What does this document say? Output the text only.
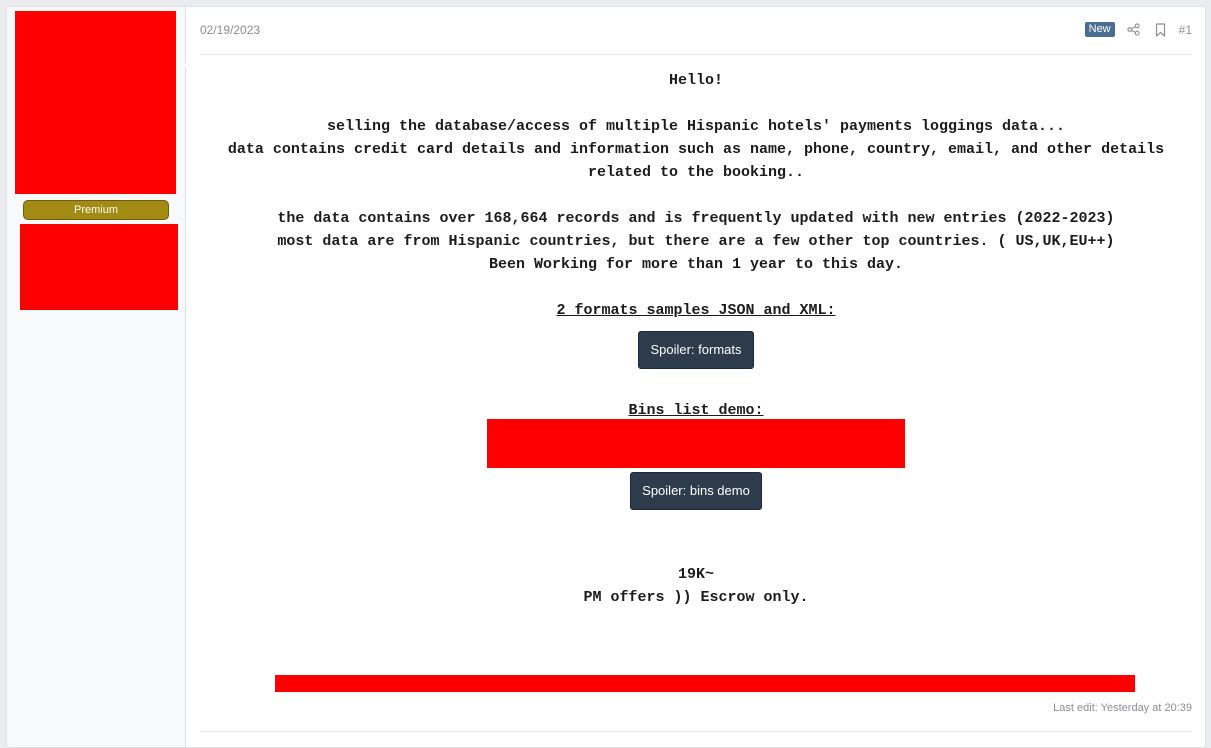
Premium
02/19/2023	New	#1

Hello!

selling the database/access of multiple Hispanic hotels' payments loggings data...

data contains credit card details and information such as name, phone, country, email, and other details related to the booking..

the data contains over 168,664 records and is frequently updated with new entries (2022-2023)

most data are from Hispanic countries, but there are a few other top countries. ( US,UK,EU++)

Been Working for more than 1 year to this day.

2 formats samples JSON and XML:

Spoiler: formats

Bins list demo:

Spoiler: bins demo

19K~

PM offers )) Escrow only.

Last edit: Yesterday at 20:39
